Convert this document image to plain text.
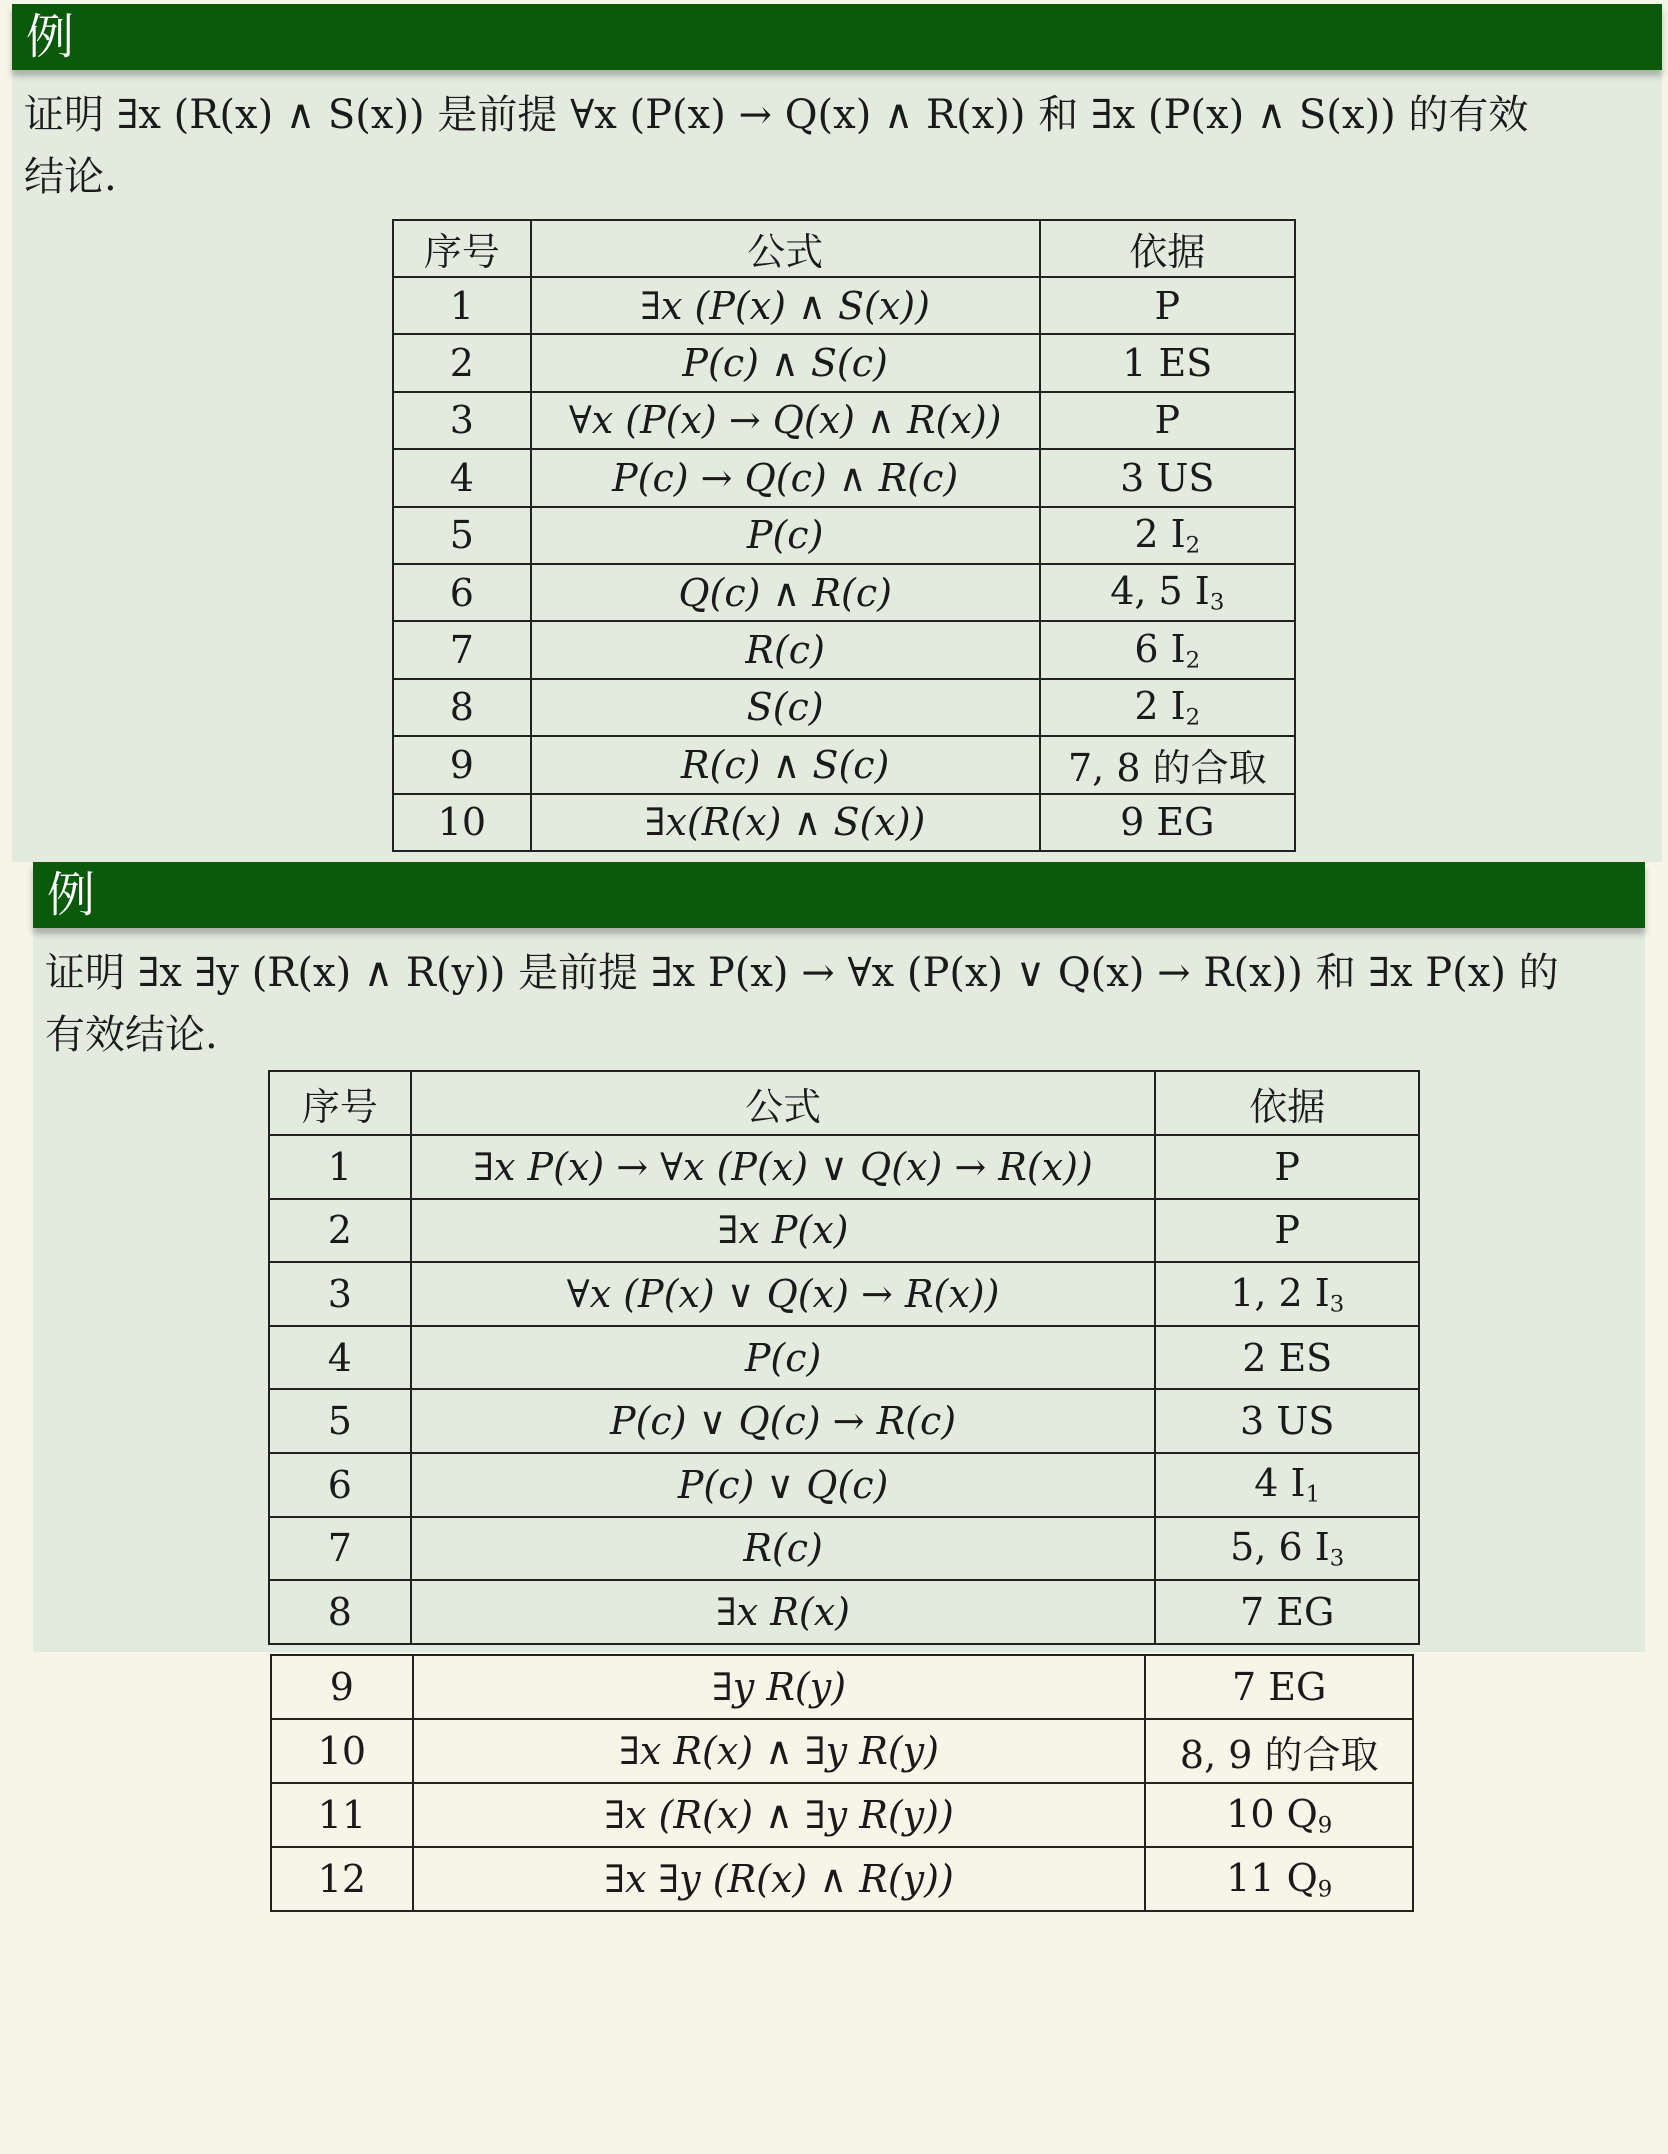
例

证明 ∃x (R(x) ∧ S(x)) 是前提 ∀x (P(x) → Q(x) ∧ R(x)) 和 ∃x (P(x) ∧ S(x)) 的有效
结论.

序号	公式	依据
1	∃x (P(x) ∧ S(x))	P
2	P(c) ∧ S(c)	1 ES
3	∀x (P(x) → Q(x) ∧ R(x))	P
4	P(c) → Q(c) ∧ R(c)	3 US
5	P(c)	2 $I_2$
6	Q(c) ∧ R(c)	4, 5 $I_3$
7	R(c)	6 $I_2$
8	S(c)	2 $I_2$
9	R(c) ∧ S(c)	7, 8 的合取
10	∃x(R(x) ∧ S(x))	9 EG
例

证明 ∃x ∃y (R(x) ∧ R(y)) 是前提 ∃x P(x) → ∀x (P(x) ∨ Q(x) → R(x)) 和 ∃x P(x) 的
有效结论.

序号	公式	依据
1	∃x P(x) → ∀x (P(x) ∨ Q(x) → R(x))	P
2	∃x P(x)	P
3	∀x (P(x) ∨ Q(x) → R(x))	1, 2 $I_3$
4	P(c)	2 ES
5	P(c) ∨ Q(c) → R(c)	3 US
6	P(c) ∨ Q(c)	4 $I_1$
7	R(c)	5, 6 $I_3$
8	∃x R(x)	7 EG
9	∃y R(y)	7 EG
10	∃x R(x) ∧ ∃y R(y)	8, 9 的合取
11	∃x (R(x) ∧ ∃y R(y))	10 $Q_9$
12	∃x ∃y (R(x) ∧ R(y))	11 $Q_9$
